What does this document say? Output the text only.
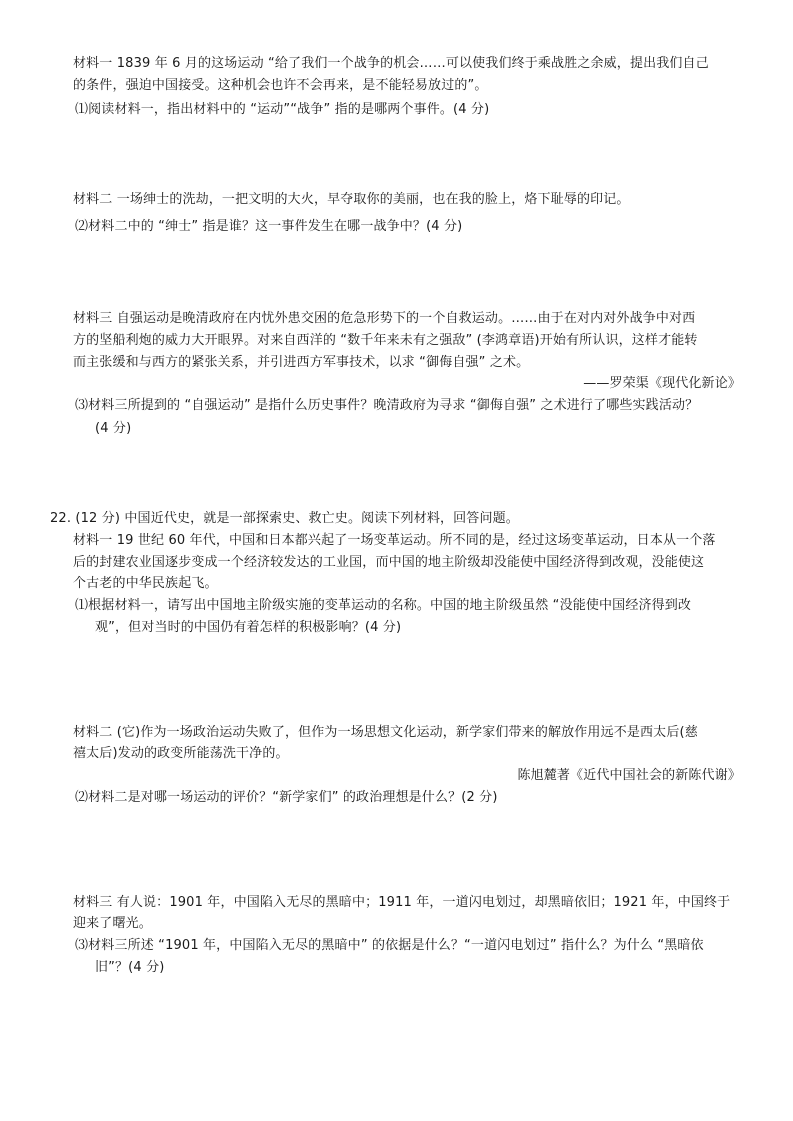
材料一 1839 年 6 月的这场运动 “给了我们一个战争的机会……可以使我们终于乘战胜之余威，提出我们自己
的条件，强迫中国接受。这种机会也许不会再来，是不能轻易放过的”。
⑴阅读材料一，指出材料中的 “运动”“战争” 指的是哪两个事件。(4 分)
材料二 一场绅士的洗劫，一把文明的大火，早夺取你的美丽，也在我的脸上，烙下耻辱的印记。
⑵材料二中的 “绅士” 指是谁？这一事件发生在哪一战争中？(4 分)
材料三 自强运动是晚清政府在内忧外患交困的危急形势下的一个自救运动。……由于在对内对外战争中对西
方的坚船利炮的威力大开眼界。对来自西洋的 “数千年来未有之强敌” (李鸿章语)开始有所认识，这样才能转
而主张缓和与西方的紧张关系，并引进西方军事技术，以求 “御侮自强” 之术。
——罗荣渠《现代化新论》
⑶材料三所提到的 “自强运动” 是指什么历史事件？晚清政府为寻求 “御侮自强” 之术进行了哪些实践活动？
(4 分)
22. (12 分) 中国近代史，就是一部探索史、救亡史。阅读下列材料，回答问题。
材料一 19 世纪 60 年代，中国和日本都兴起了一场变革运动。所不同的是，经过这场变革运动，日本从一个落
后的封建农业国逐步变成一个经济较发达的工业国，而中国的地主阶级却没能使中国经济得到改观，没能使这
个古老的中华民族起飞。
⑴根据材料一，请写出中国地主阶级实施的变革运动的名称。中国的地主阶级虽然 “没能使中国经济得到改
观”，但对当时的中国仍有着怎样的积极影响？(4 分)
材料二 (它)作为一场政治运动失败了，但作为一场思想文化运动，新学家们带来的解放作用远不是西太后(慈
禧太后)发动的政变所能荡洗干净的。
陈旭麓著《近代中国社会的新陈代谢》
⑵材料二是对哪一场运动的评价？“新学家们” 的政治理想是什么？(2 分)
材料三 有人说：1901 年，中国陷入无尽的黑暗中；1911 年，一道闪电划过，却黑暗依旧；1921 年，中国终于
迎来了曙光。
⑶材料三所述 “1901 年，中国陷入无尽的黑暗中” 的依据是什么？“一道闪电划过” 指什么？为什么 “黑暗依
旧”？(4 分)
